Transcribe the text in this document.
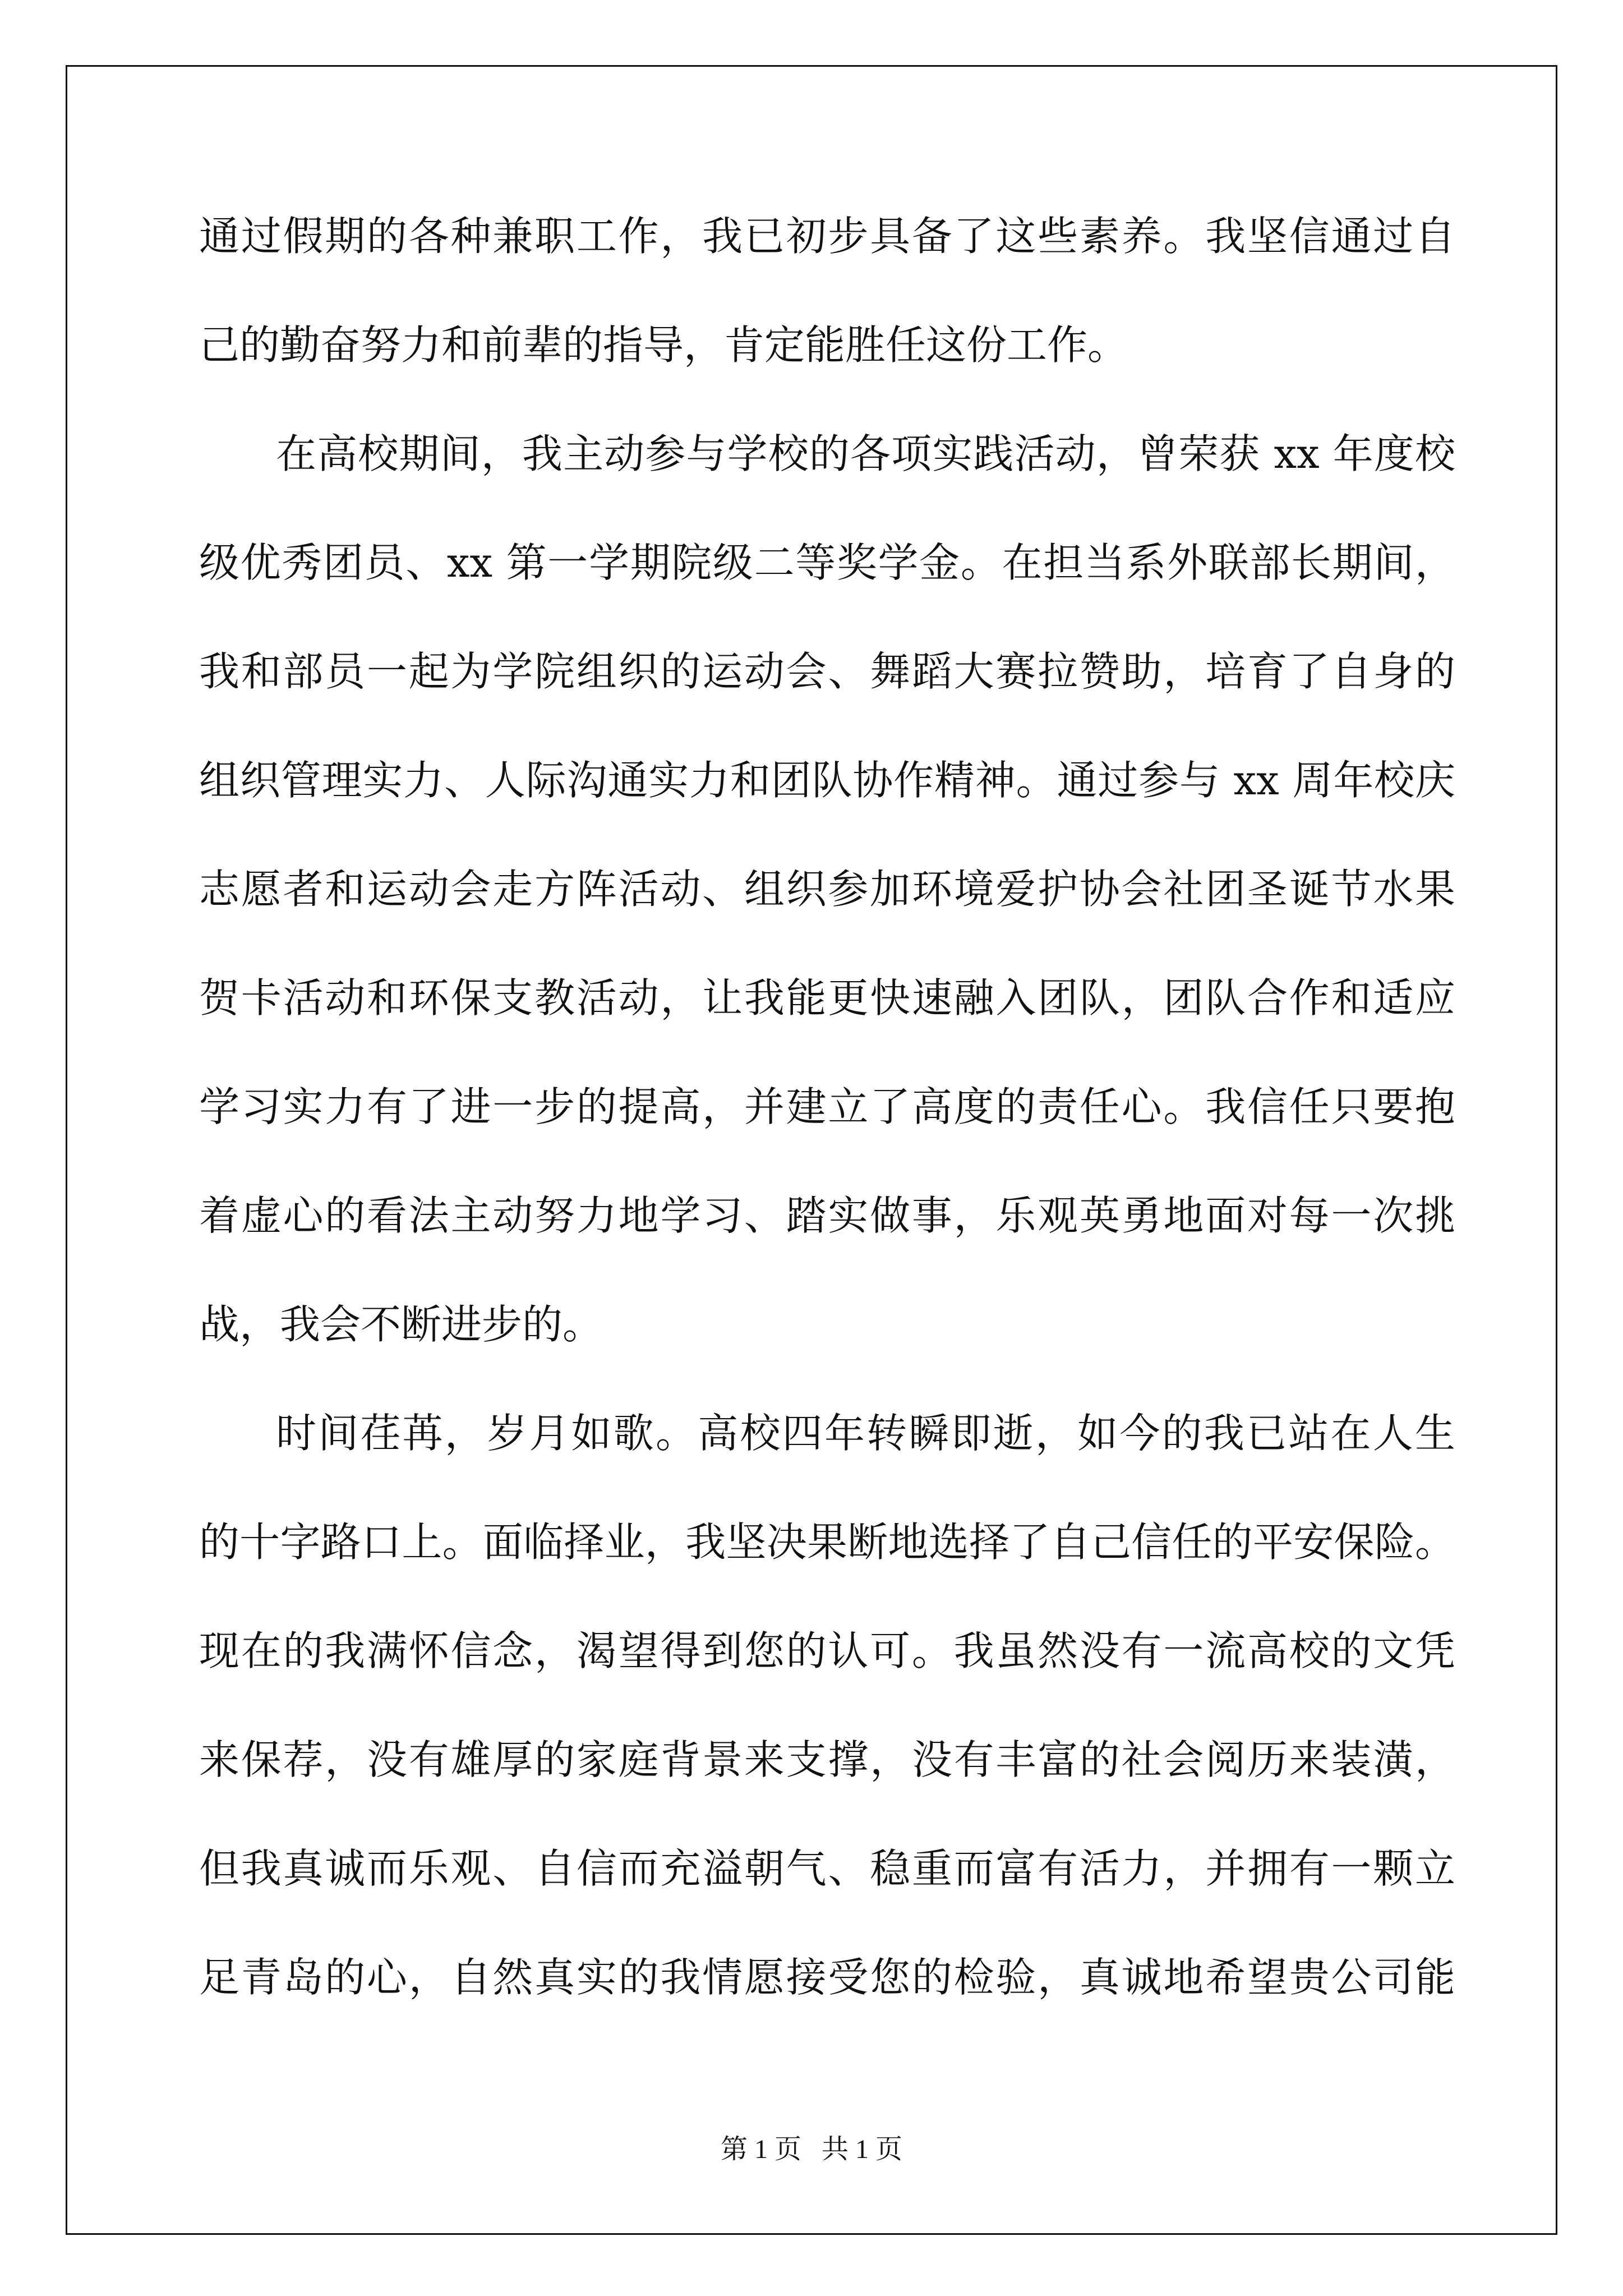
通过假期的各种兼职工作，我已初步具备了这些素养。我坚信通过自
己的勤奋努力和前辈的指导，肯定能胜任这份工作。
在高校期间，我主动参与学校的各项实践活动，曾荣获 xx 年度校
级优秀团员、xx 第一学期院级二等奖学金。在担当系外联部长期间，
我和部员一起为学院组织的运动会、舞蹈大赛拉赞助，培育了自身的
组织管理实力、人际沟通实力和团队协作精神。通过参与 xx 周年校庆
志愿者和运动会走方阵活动、组织参加环境爱护协会社团圣诞节水果
贺卡活动和环保支教活动，让我能更快速融入团队，团队合作和适应
学习实力有了进一步的提高，并建立了高度的责任心。我信任只要抱
着虚心的看法主动努力地学习、踏实做事，乐观英勇地面对每一次挑
战，我会不断进步的。
时间荏苒，岁月如歌。高校四年转瞬即逝，如今的我已站在人生
的十字路口上。面临择业，我坚决果断地选择了自己信任的平安保险。
现在的我满怀信念，渴望得到您的认可。我虽然没有一流高校的文凭
来保荐，没有雄厚的家庭背景来支撑，没有丰富的社会阅历来装潢，
但我真诚而乐观、自信而充溢朝气、稳重而富有活力，并拥有一颗立
足青岛的心，自然真实的我情愿接受您的检验，真诚地希望贵公司能
第 1 页   共 1 页
